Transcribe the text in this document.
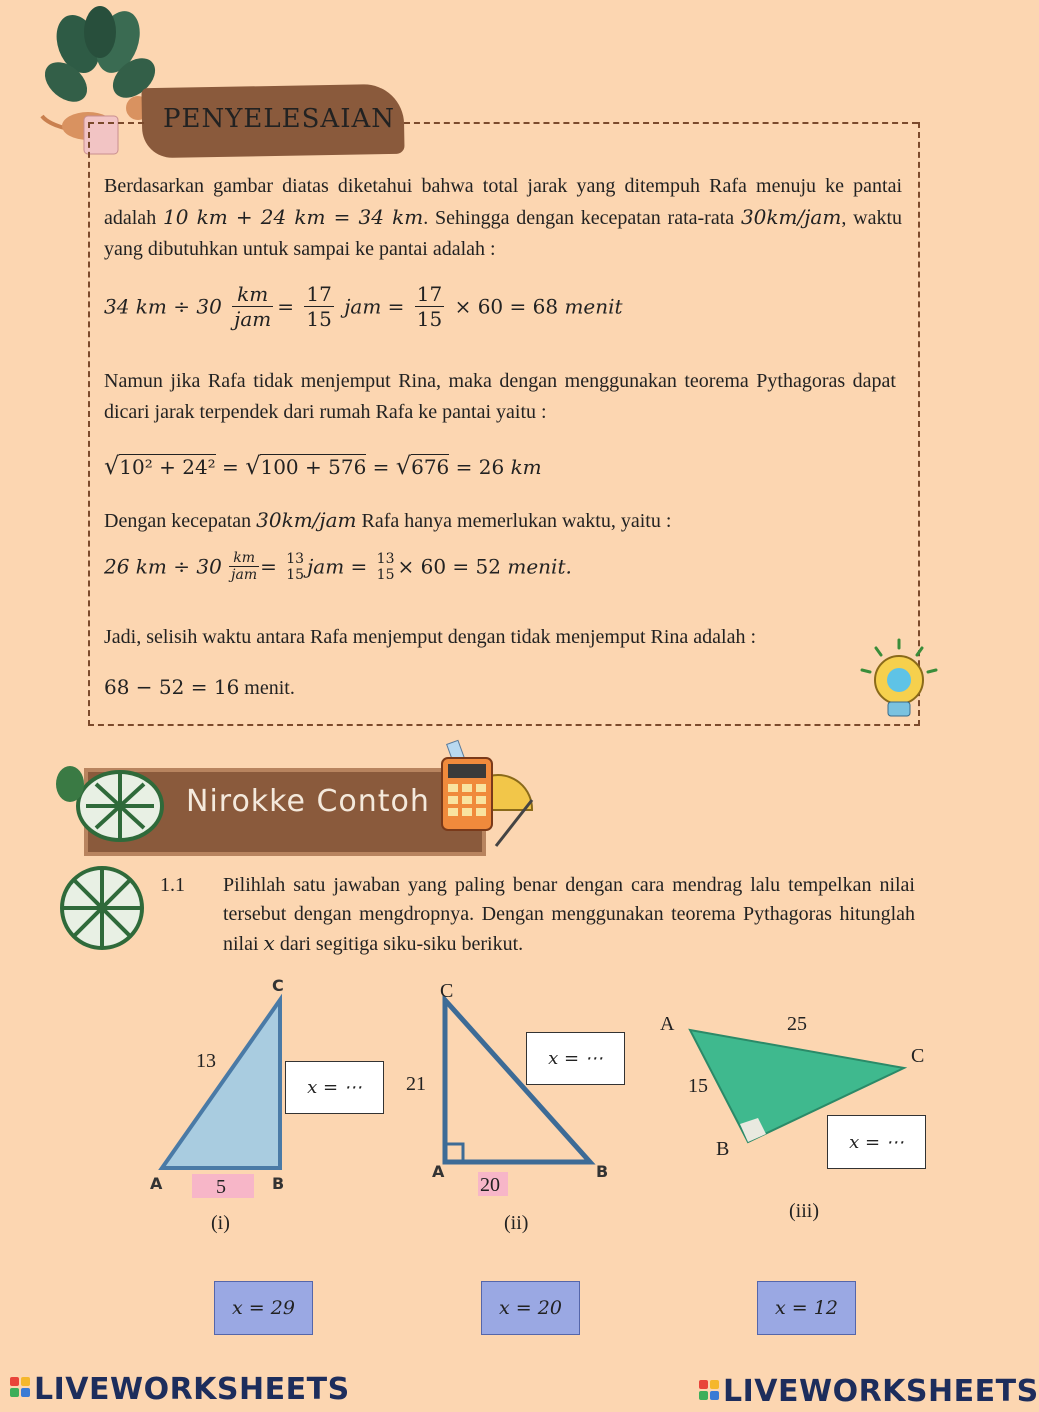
PENYELESAIAN
Berdasarkan gambar diatas diketahui bahwa total jarak yang ditempuh Rafa menuju ke pantai adalah 10 km + 24 km = 34 km. Sehingga dengan kecepatan rata-rata 30km/jam, waktu yang dibutuhkan untuk sampai ke pantai adalah :
34 km ÷ $30 \frac{km}{\text{jam}} = \frac{17}{15}$ jam = $\frac{17}{15} \times 60 = 68$ menit
Namun jika Rafa tidak menjemput Rina, maka dengan menggunakan teorema Pythagoras dapat dicari jarak terpendek dari rumah Rafa ke pantai yaitu :
√10² + 24² = √100 + 576 = √676 = 26 km
Dengan kecepatan 30km/jam Rafa hanya memerlukan waktu, yaitu :
26 km ÷ $30 \frac{km}{\text{jam}} = 13$
15 jam = 13
15 × 60 = 52 menit.
Jadi, selisih waktu antara Rafa menjemput dengan tidak menjemput Rina adalah :
68 − 52 = 16 menit.
Nirokke Contoh
1.1 Pilihlah satu jawaban yang paling benar dengan cara mendrag lalu tempelkan nilai tersebut dengan mengdropnya. Dengan menggunakan teorema Pythagoras hitunglah nilai x dari segitiga siku-siku berikut.
C
A	B
13
5
(i)
x = ⋯
C
21
A	B
20
(ii)
x = ⋯
A	25
C
15
B
(iii)
x = ⋯
x = 29	x = 20	x = 12
LIVEWORKSHEETS	LIVEWORKSHEETS
